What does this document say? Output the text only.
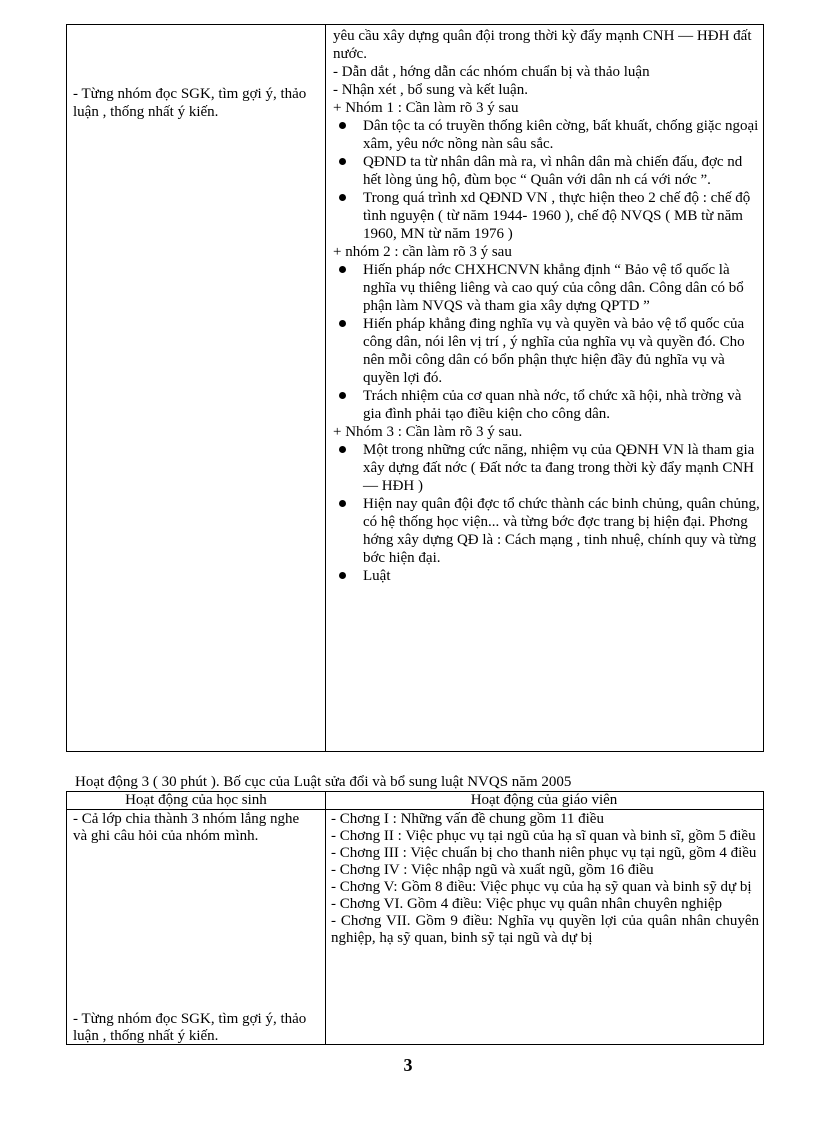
- Từng nhóm đọc SGK, tìm gợi ý, thảo luận , thống nhất ý kiến.

yêu cầu xây dựng quân đội trong thời kỳ đẩy mạnh CNH — HĐH đất nước.

- Dẫn dắt , hớng dẫn các nhóm chuẩn bị và thảo luận

- Nhận xét , bổ sung và kết luận.

+ Nhóm 1 : Cần làm rõ 3 ý sau

Dân tộc ta có truyền thống kiên cờng, bất khuất, chống giặc ngoại xâm, yêu nớc nồng nàn sâu sắc.

QĐND ta từ nhân dân mà ra, vì nhân dân mà chiến đấu, đợc nd hết lòng ủng hộ, đùm bọc “ Quân với dân nh cá với nớc ”.

Trong quá trình xd QĐND VN , thực hiện theo 2 chế độ : chế độ tình nguyện ( từ năm 1944- 1960 ), chế độ NVQS ( MB từ năm 1960, MN từ năm 1976 )

+ nhóm 2 : cần làm rõ 3 ý sau

Hiến pháp nớc CHXHCNVN khẳng định “ Bảo vệ tổ quốc là nghĩa vụ thiêng liêng và cao quý của công dân. Công dân có bổ phận làm NVQS và tham gia xây dựng QPTD ”

Hiến pháp khẳng đing nghĩa vụ và quyền và bảo vệ tổ quốc của công dân, nói lên vị trí , ý nghĩa của nghĩa vụ và quyền đó. Cho nên mỗi công dân có bổn phận thực hiện đầy đủ nghĩa vụ và quyền lợi đó.

Trách nhiệm của cơ quan nhà nớc, tổ chức xã hội, nhà trờng và gia đình phải tạo điều kiện cho công dân.

+ Nhóm 3 : Cần làm rõ 3 ý sau.

Một trong những cức năng, nhiệm vụ của QĐNH VN là tham gia xây dựng đất nớc ( Đất nớc ta đang trong thời kỳ đẩy mạnh CNH — HĐH )

Hiện nay quân đội đợc tổ chức thành các binh chủng, quân chủng, có hệ thống học viện... và từng bớc đợc trang bị hiện đại. Phơng hớng xây dựng QĐ là : Cách mạng , tinh nhuệ, chính quy và từng bớc hiện đại.

Luật

Hoạt động 3 ( 30 phút ). Bố cục của Luật sửa đổi và bổ sung luật NVQS năm 2005
Hoạt động của học sinh	Hoạt động của giáo viên
- Cả lớp chia thành 3 nhóm lắng nghe và ghi câu hỏi của nhóm mình.
- Từng nhóm đọc SGK, tìm gợi ý, thảo luận , thống nhất ý kiến.

- Chơng I : Những vấn đề chung gồm 11 điều

- Chơng II : Việc phục vụ tại ngũ của hạ sĩ quan và binh sĩ, gồm 5 điều

- Chơng III : Việc chuẩn bị cho thanh niên phục vụ tại ngũ, gồm 4 điều

- Chơng IV : Việc nhập ngũ và xuất ngũ, gồm 16 điều

- Chơng V: Gồm 8 điều: Việc phục vụ của hạ sỹ quan và binh sỹ dự bị

- Chơng VI. Gồm 4 điều: Việc phục vụ quân nhân chuyên nghiệp

- Chơng VII. Gồm 9 điều: Nghĩa vụ quyền lợi của quân nhân chuyên nghiệp, hạ sỹ quan, binh sỹ tại ngũ và dự bị

3
